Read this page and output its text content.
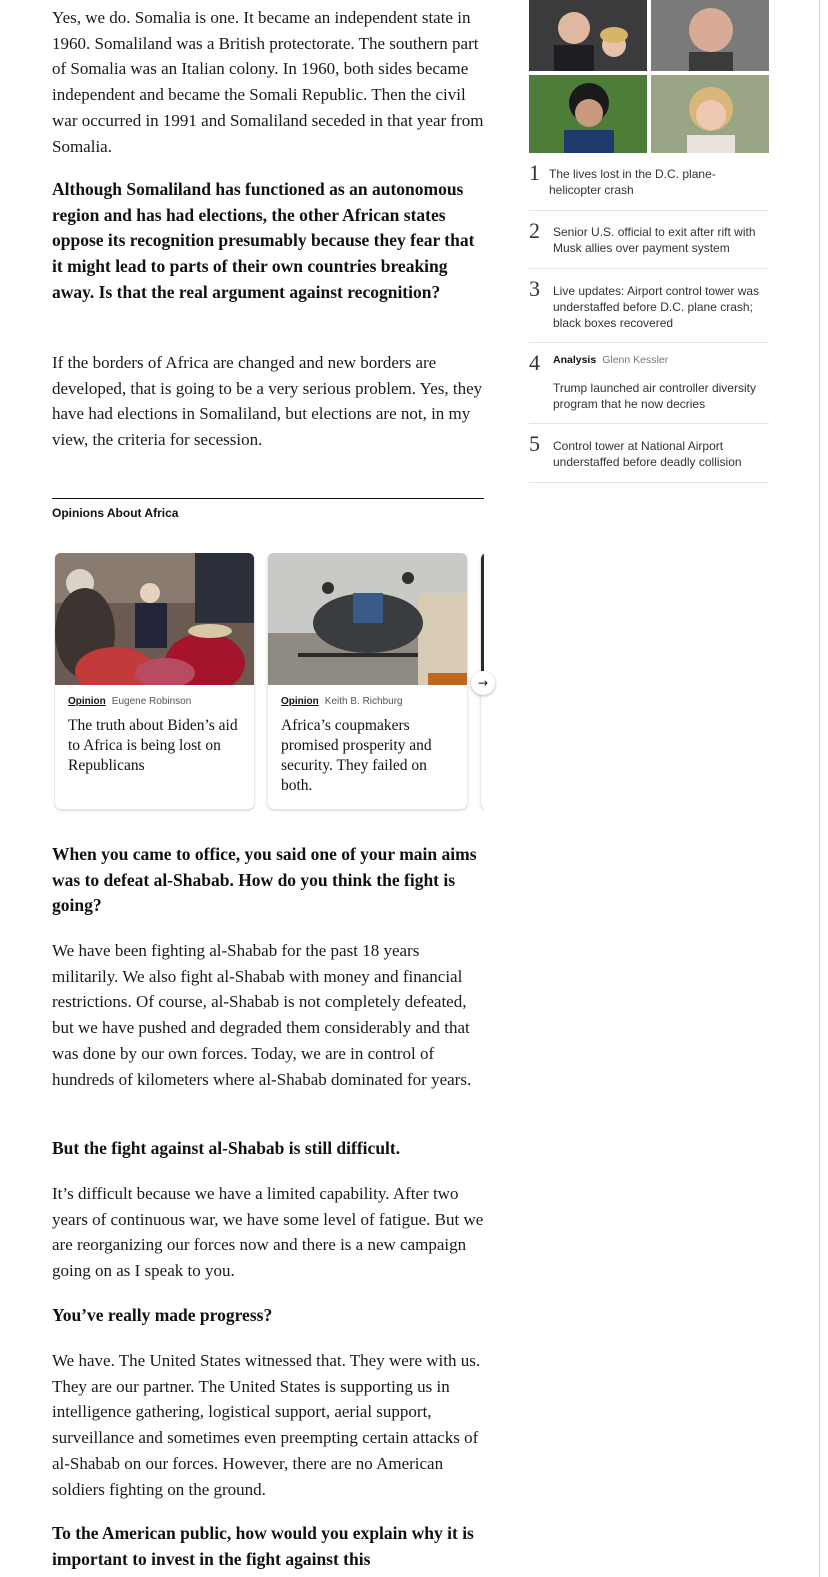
Yes, we do. Somalia is one. It became an independent state in 1960. Somaliland was a British protectorate. The southern part of Somalia was an Italian colony. In 1960, both sides became independent and became the Somali Republic. Then the civil war occurred in 1991 and Somaliland seceded in that year from Somalia.

Although Somaliland has functioned as an autonomous region and has had elections, the other African states oppose its recognition presumably because they fear that it might lead to parts of their own countries breaking away. Is that the real argument against recognition?

If the borders of Africa are changed and new borders are developed, that is going to be a very serious problem. Yes, they have had elections in Somaliland, but elections are not, in my view, the criteria for secession.

Opinions About Africa

When you came to office, you said one of your main aims was to defeat al-Shabab. How do you think the fight is going?

We have been fighting al-Shabab for the past 18 years militarily. We also fight al-Shabab with money and financial restrictions. Of course, al-Shabab is not completely defeated, but we have pushed and degraded them considerably and that was done by our own forces. Today, we are in control of hundreds of kilometers where al-Shabab dominated for years.

But the fight against al-Shabab is still difficult.

It’s difficult because we have a limited capability. After two years of continuous war, we have some level of fatigue. But we are reorganizing our forces now and there is a new campaign going on as I speak to you.

You’ve really made progress?

We have. The United States witnessed that. They were with us. They are our partner. The United States is supporting us in intelligence gathering, logistical support, aerial support, surveillance and sometimes even preempting certain attacks of al-Shabab on our forces. However, there are no American soldiers fighting on the ground.

To the American public, how would you explain why it is important to invest in the fight against this

Opinion Eugene Robinson
The truth about Biden’s aid to Africa is being lost on Republicans
Opinion Keith B. Richburg
Africa’s coupmakers promised prosperity and security. They failed on both.
→
1 The lives lost in the D.C. plane-helicopter crash
2 Senior U.S. official to exit after rift with Musk allies over payment system
3 Live updates: Airport control tower was understaffed before D.C. plane crash; black boxes recovered
4 Analysis Glenn Kessler
Trump launched air controller diversity program that he now decries
5 Control tower at National Airport understaffed before deadly collision
